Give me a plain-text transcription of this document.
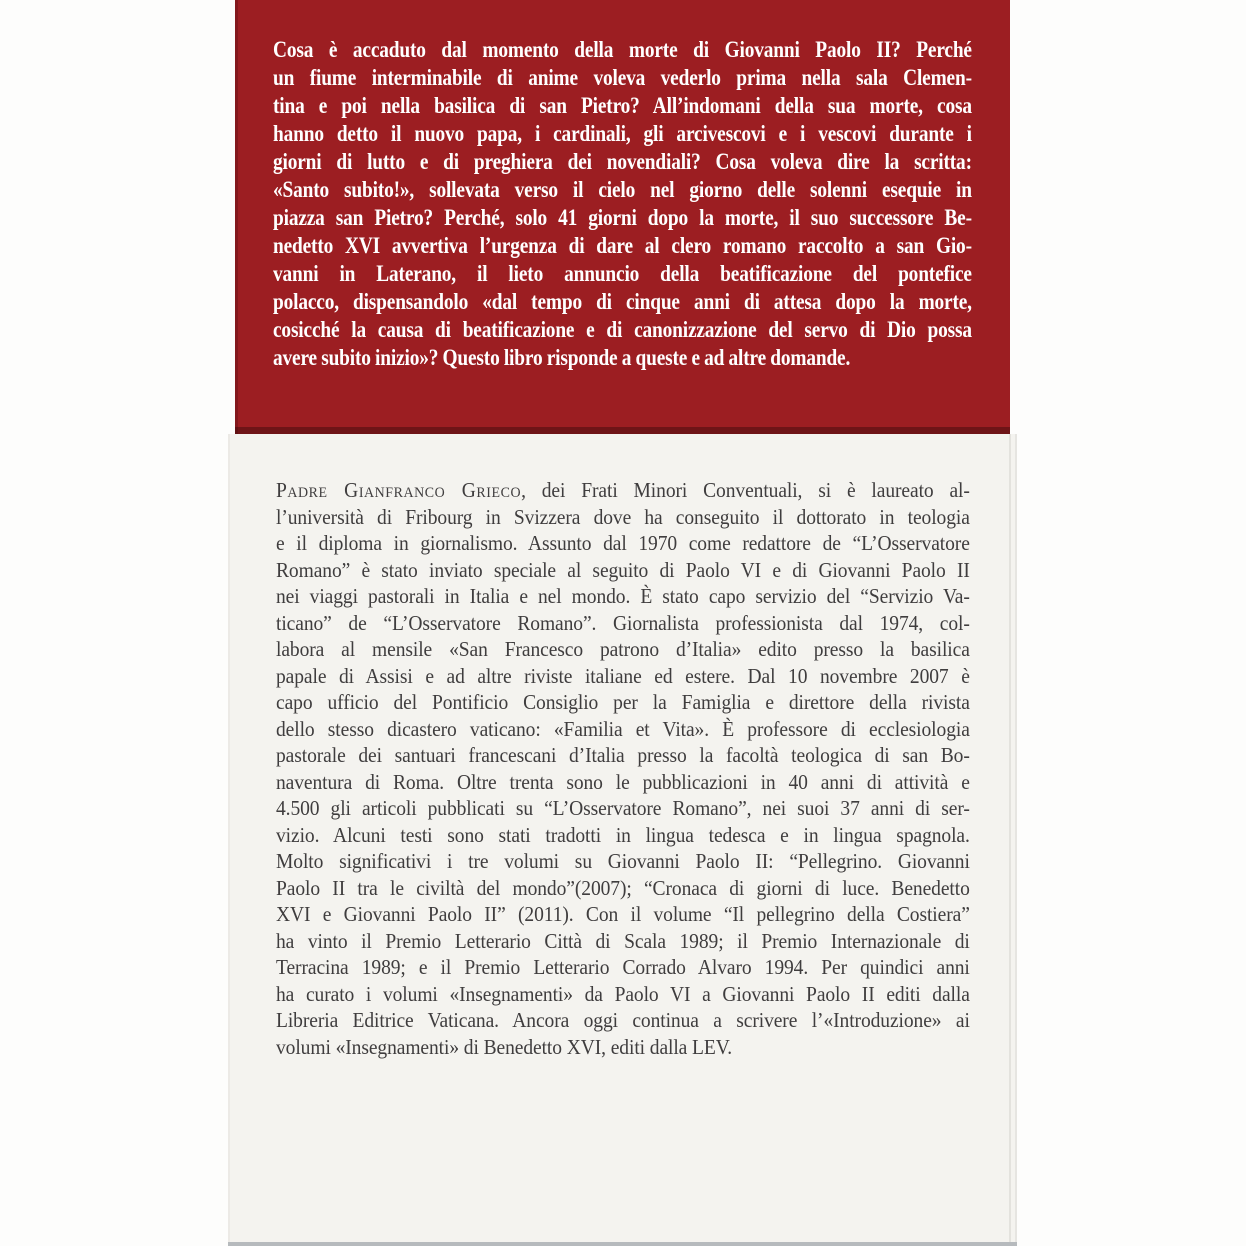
Cosa è accaduto dal momento della morte di Giovanni Paolo II? Perché
un fiume interminabile di anime voleva vederlo prima nella sala Clemen-
tina e poi nella basilica di san Pietro? All’indomani della sua morte, cosa
hanno detto il nuovo papa, i cardinali, gli arcivescovi e i vescovi durante i
giorni di lutto e di preghiera dei novendiali? Cosa voleva dire la scritta:
«Santo subito!», sollevata verso il cielo nel giorno delle solenni esequie in
piazza san Pietro? Perché, solo 41 giorni dopo la morte, il suo successore Be-
nedetto XVI avvertiva l’urgenza di dare al clero romano raccolto a san Gio-
vanni in Laterano, il lieto annuncio della beatificazione del pontefice
polacco, dispensandolo «dal tempo di cinque anni di attesa dopo la morte,
cosicché la causa di beatificazione e di canonizzazione del servo di Dio possa
avere subito inizio»? Questo libro risponde a queste e ad altre domande.
Padre Gianfranco Grieco, dei Frati Minori Conventuali, si è laureato al-
l’università di Fribourg in Svizzera dove ha conseguito il dottorato in teologia
e il diploma in giornalismo. Assunto dal 1970 come redattore de “L’Osservatore
Romano” è stato inviato speciale al seguito di Paolo VI e di Giovanni Paolo II
nei viaggi pastorali in Italia e nel mondo. È stato capo servizio del “Servizio Va-
ticano” de “L’Osservatore Romano”. Giornalista professionista dal 1974, col-
labora al mensile «San Francesco patrono d’Italia» edito presso la basilica
papale di Assisi e ad altre riviste italiane ed estere. Dal 10 novembre 2007 è
capo ufficio del Pontificio Consiglio per la Famiglia e direttore della rivista
dello stesso dicastero vaticano: «Familia et Vita». È professore di ecclesiologia
pastorale dei santuari francescani d’Italia presso la facoltà teologica di san Bo-
naventura di Roma. Oltre trenta sono le pubblicazioni in 40 anni di attività e
4.500 gli articoli pubblicati su “L’Osservatore Romano”, nei suoi 37 anni di ser-
vizio. Alcuni testi sono stati tradotti in lingua tedesca e in lingua spagnola.
Molto significativi i tre volumi su Giovanni Paolo II: “Pellegrino. Giovanni
Paolo II tra le civiltà del mondo”(2007); “Cronaca di giorni di luce. Benedetto
XVI e Giovanni Paolo II” (2011). Con il volume “Il pellegrino della Costiera”
ha vinto il Premio Letterario Città di Scala 1989; il Premio Internazionale di
Terracina 1989; e il Premio Letterario Corrado Alvaro 1994. Per quindici anni
ha curato i volumi «Insegnamenti» da Paolo VI a Giovanni Paolo II editi dalla
Libreria Editrice Vaticana. Ancora oggi continua a scrivere l’«Introduzione» ai
volumi «Insegnamenti» di Benedetto XVI, editi dalla LEV.
